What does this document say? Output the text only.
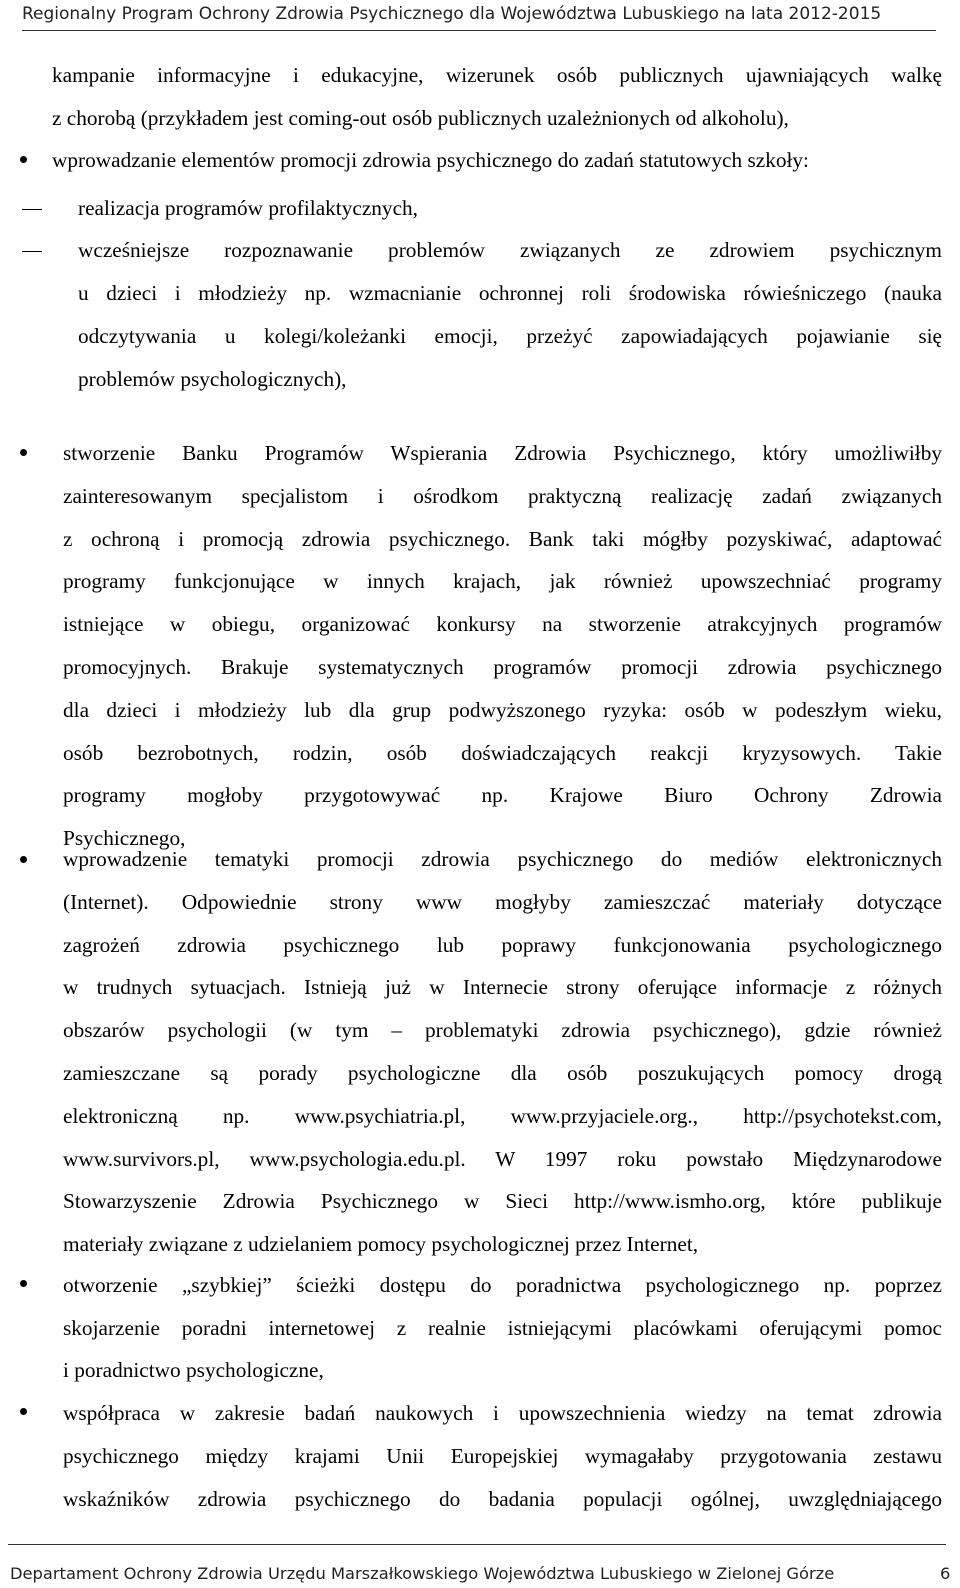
Regionalny Program Ochrony Zdrowia Psychicznego dla Województwa Lubuskiego na lata 2012-2015
kampanie informacyjne i edukacyjne, wizerunek osób publicznych ujawniających walkę
z chorobą (przykładem jest coming-out osób publicznych uzależnionych od alkoholu),
wprowadzanie elementów promocji zdrowia psychicznego do zadań statutowych szkoły:
realizacja programów profilaktycznych,
wcześniejsze rozpoznawanie problemów związanych ze zdrowiem psychicznym
u dzieci i młodzieży np. wzmacnianie ochronnej roli środowiska rówieśniczego (nauka
odczytywania u kolegi/koleżanki emocji, przeżyć zapowiadających pojawianie się
problemów psychologicznych),
stworzenie Banku Programów Wspierania Zdrowia Psychicznego, który umożliwiłby
zainteresowanym specjalistom i ośrodkom praktyczną realizację zadań związanych
z ochroną i promocją zdrowia psychicznego. Bank taki mógłby pozyskiwać, adaptować
programy funkcjonujące w innych krajach, jak również upowszechniać programy
istniejące w obiegu, organizować konkursy na stworzenie atrakcyjnych programów
promocyjnych. Brakuje systematycznych programów promocji zdrowia psychicznego
dla dzieci i młodzieży lub dla grup podwyższonego ryzyka: osób w podeszłym wieku,
osób bezrobotnych, rodzin, osób doświadczających reakcji kryzysowych. Takie
programy mogłoby przygotowywać np. Krajowe Biuro Ochrony Zdrowia
Psychicznego,
wprowadzenie tematyki promocji zdrowia psychicznego do mediów elektronicznych
(Internet). Odpowiednie strony www mogłyby zamieszczać materiały dotyczące
zagrożeń zdrowia psychicznego lub poprawy funkcjonowania psychologicznego
w trudnych sytuacjach. Istnieją już w Internecie strony oferujące informacje z różnych
obszarów psychologii (w tym – problematyki zdrowia psychicznego), gdzie również
zamieszczane są porady psychologiczne dla osób poszukujących pomocy drogą
elektroniczną np. www.psychiatria.pl, www.przyjaciele.org., http://psychotekst.com,
www.survivors.pl, www.psychologia.edu.pl. W 1997 roku powstało Międzynarodowe
Stowarzyszenie Zdrowia Psychicznego w Sieci http://www.ismho.org, które publikuje
materiały związane z udzielaniem pomocy psychologicznej przez Internet,
otworzenie „szybkiej” ścieżki dostępu do poradnictwa psychologicznego np. poprzez
skojarzenie poradni internetowej z realnie istniejącymi placówkami oferującymi pomoc
i poradnictwo psychologiczne,
współpraca w zakresie badań naukowych i upowszechnienia wiedzy na temat zdrowia
psychicznego między krajami Unii Europejskiej wymagałaby przygotowania zestawu
wskaźników zdrowia psychicznego do badania populacji ogólnej, uwzględniającego
Departament Ochrony Zdrowia Urzędu Marszałkowskiego Województwa Lubuskiego w Zielonej Górze	6
